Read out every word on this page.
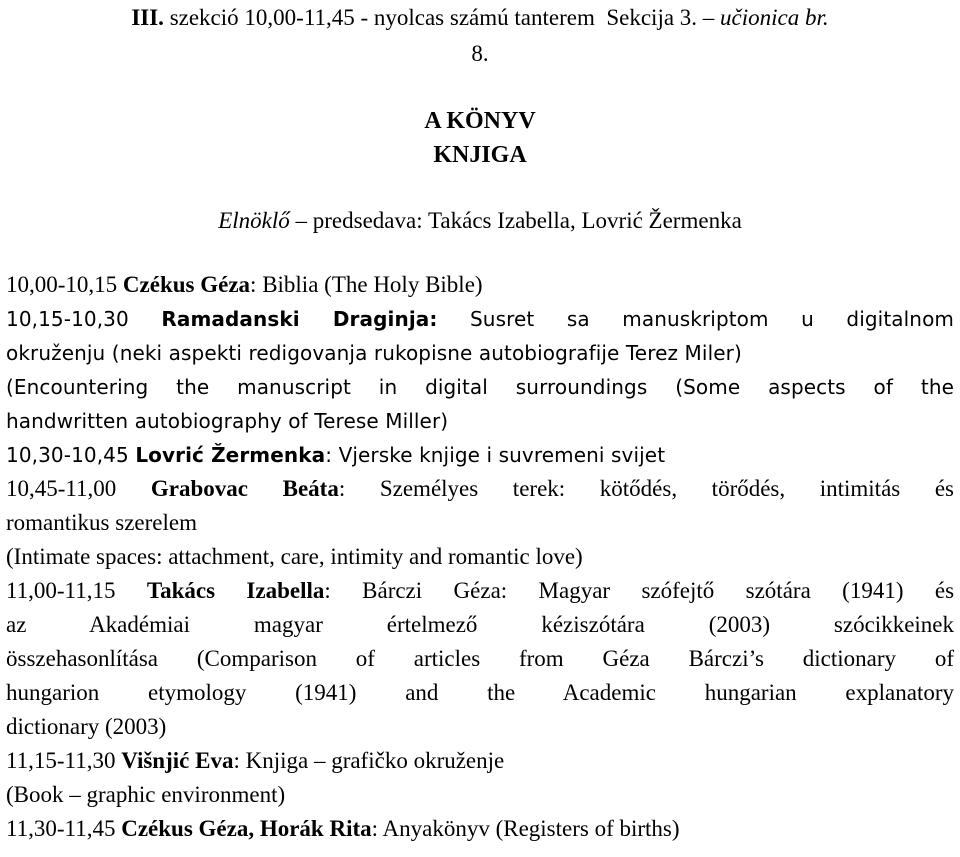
III. szekció 10,00-11,45 - nyolcas számú tanterem Sekcija 3. – učionica br.
8.

A KÖNYV
KNJIGA

Elnöklő – predsedava: Takács Izabella, Lovrić Žermenka

10,00-10,15 Czékus Géza: Biblia (The Holy Bible)

10,15-10,30 Ramadanski Draginja: Susret sa manuskriptom u digitalnom
okruženju (neki aspekti redigovanja rukopisne autobiografije Terez Miler)
(Encountering the manuscript in digital surroundings (Some aspects of the
handwritten autobiography of Terese Miller)

10,30-10,45 Lovrić Žermenka: Vjerske knjige i suvremeni svijet

10,45-11,00 Grabovac Beáta: Személyes terek: kötődés, törődés, intimitás és
romantikus szerelem
(Intimate spaces: attachment, care, intimity and romantic love)
11,00-11,15 Takács Izabella: Bárczi Géza: Magyar szófejtő szótára (1941) és
az Akadémiai magyar értelmező kéziszótára (2003) szócikkeinek
összehasonlítása (Comparison of articles from Géza Bárczi’s dictionary of
hungarion etymology (1941) and the Academic hungarian explanatory
dictionary (2003)
11,15-11,30 Višnjić Eva: Knjiga – grafičko okruženje
(Book – graphic environment)

11,30-11,45 Czékus Géza, Horák Rita: Anyakönyv (Registers of births)
